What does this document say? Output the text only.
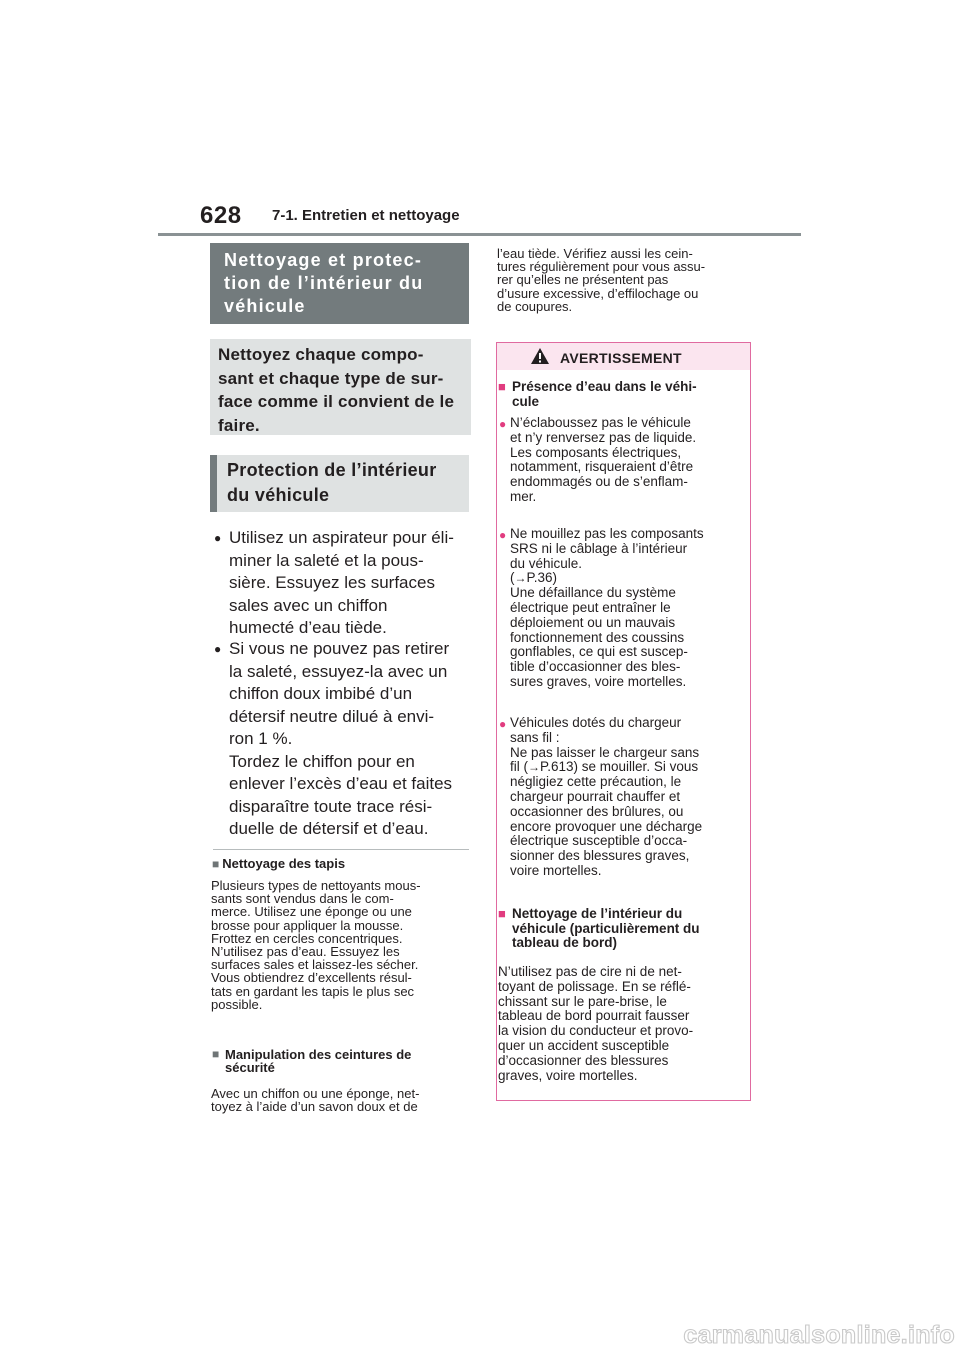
628 7-1. Entretien et nettoyage
Nettoyage et protec-
tion de l’intérieur du
véhicule
Nettoyez chaque compo-
sant et chaque type de sur-
face comme il convient de le
faire.
Protection de l’intérieur
du véhicule
● Utilisez un aspirateur pour éli-
miner la saleté et la pous-
sière. Essuyez les surfaces
sales avec un chiffon
humecté d’eau tiède.
● Si vous ne pouvez pas retirer
la saleté, essuyez-la avec un
chiffon doux imbibé d’un
détersif neutre dilué à envi-
ron 1 %.
Tordez le chiffon pour en
enlever l’excès d’eau et faites
disparaître toute trace rési-
duelle de détersif et d’eau.
■ Nettoyage des tapis
Plusieurs types de nettoyants mous-
sants sont vendus dans le com-
merce. Utilisez une éponge ou une
brosse pour appliquer la mousse.
Frottez en cercles concentriques.
N’utilisez pas d’eau. Essuyez les
surfaces sales et laissez-les sécher.
Vous obtiendrez d’excellents résul-
tats en gardant les tapis le plus sec
possible.
■ Manipulation des ceintures de
sécurité
Avec un chiffon ou une éponge, net-
toyez à l’aide d’un savon doux et de
l’eau tiède. Vérifiez aussi les cein-
tures régulièrement pour vous assu-
rer qu’elles ne présentent pas
d’usure excessive, d’effilochage ou
de coupures.
AVERTISSEMENT
■ Présence d’eau dans le véhi-
cule
● N’éclaboussez pas le véhicule
et n’y renversez pas de liquide.
Les composants électriques,
notamment, risqueraient d’être
endommagés ou de s’enflam-
mer.
● Ne mouillez pas les composants
SRS ni le câblage à l’intérieur
du véhicule.
(→P.36)
Une défaillance du système
électrique peut entraîner le
déploiement ou un mauvais
fonctionnement des coussins
gonflables, ce qui est suscep-
tible d’occasionner des bles-
sures graves, voire mortelles.
● Véhicules dotés du chargeur
sans fil :
Ne pas laisser le chargeur sans
fil (→P.613) se mouiller. Si vous
négligiez cette précaution, le
chargeur pourrait chauffer et
occasionner des brûlures, ou
encore provoquer une décharge
électrique susceptible d’occa-
sionner des blessures graves,
voire mortelles.
■ Nettoyage de l’intérieur du
véhicule (particulièrement du
tableau de bord)
N’utilisez pas de cire ni de net-
toyant de polissage. En se réflé-
chissant sur le pare-brise, le
tableau de bord pourrait fausser
la vision du conducteur et provo-
quer un accident susceptible
d’occasionner des blessures
graves, voire mortelles.
carmanualsonline.info
